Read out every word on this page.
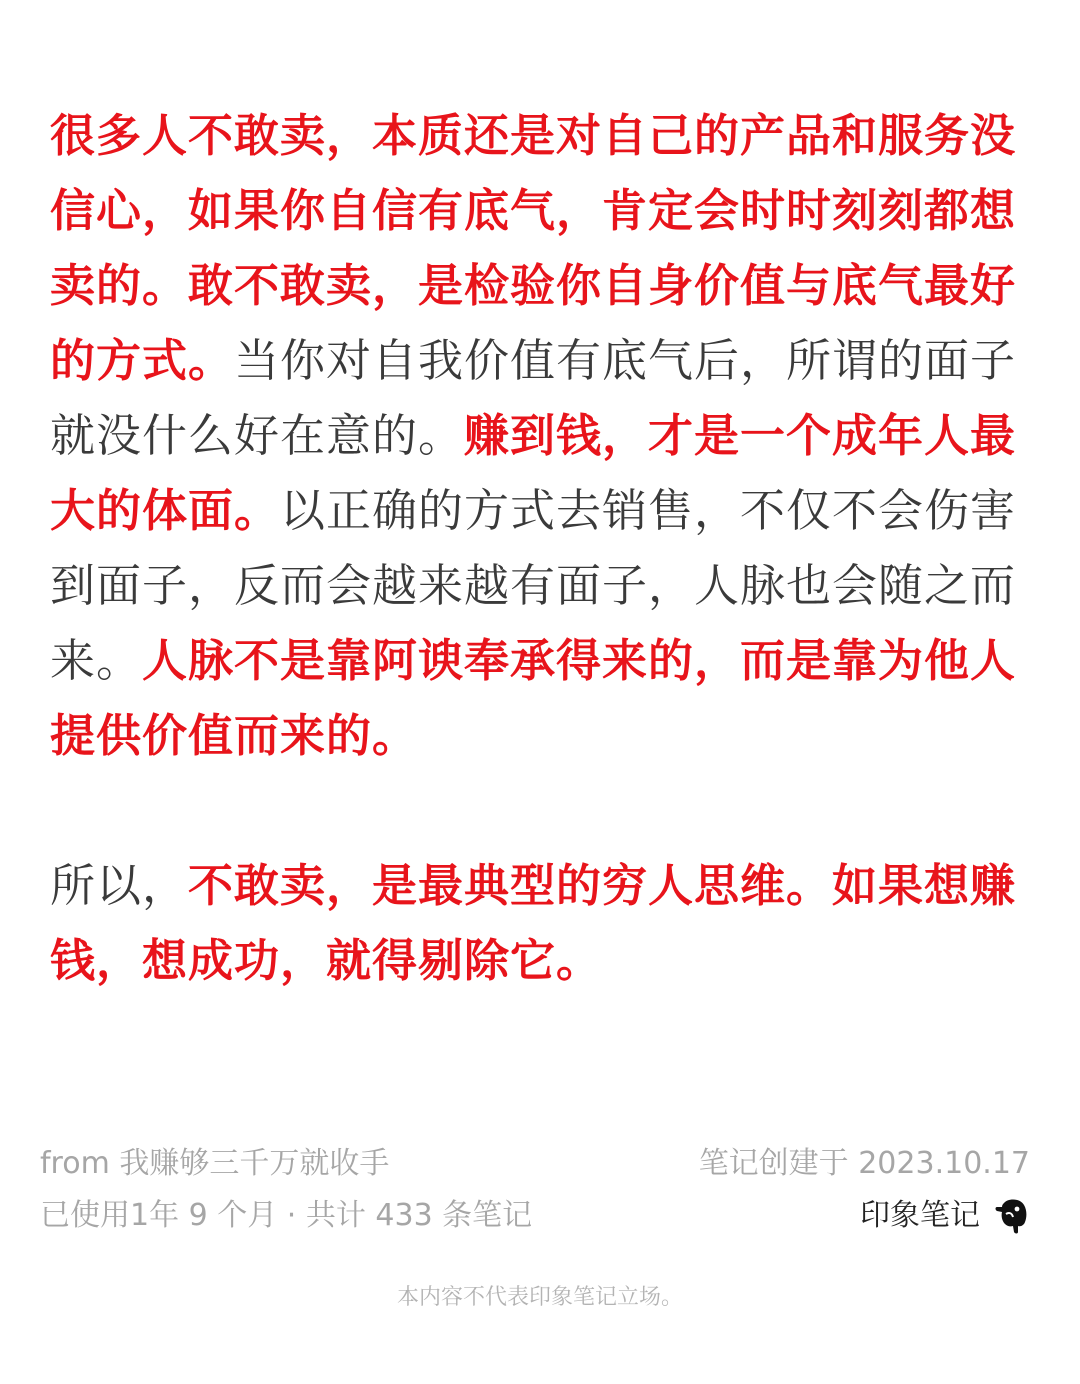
很多人不敢卖，本质还是对自己的产品和服务没信心，如果你自信有底气，肯定会时时刻刻都想卖的。敢不敢卖，是检验你自身价值与底气最好的方式。当你对自我价值有底气后，所谓的面子就没什么好在意的。赚到钱，才是一个成年人最大的体面。以正确的方式去销售，不仅不会伤害到面子，反而会越来越有面子，人脉也会随之而来。人脉不是靠阿谀奉承得来的，而是靠为他人提供价值而来的。

所以，不敢卖，是最典型的穷人思维。如果想赚钱，想成功，就得剔除它。

from 我赚够三千万就收手
已使用1年 9 个月 · 共计 433 条笔记
笔记创建于 2023.10.17
印象笔记
本内容不代表印象笔记立场。
